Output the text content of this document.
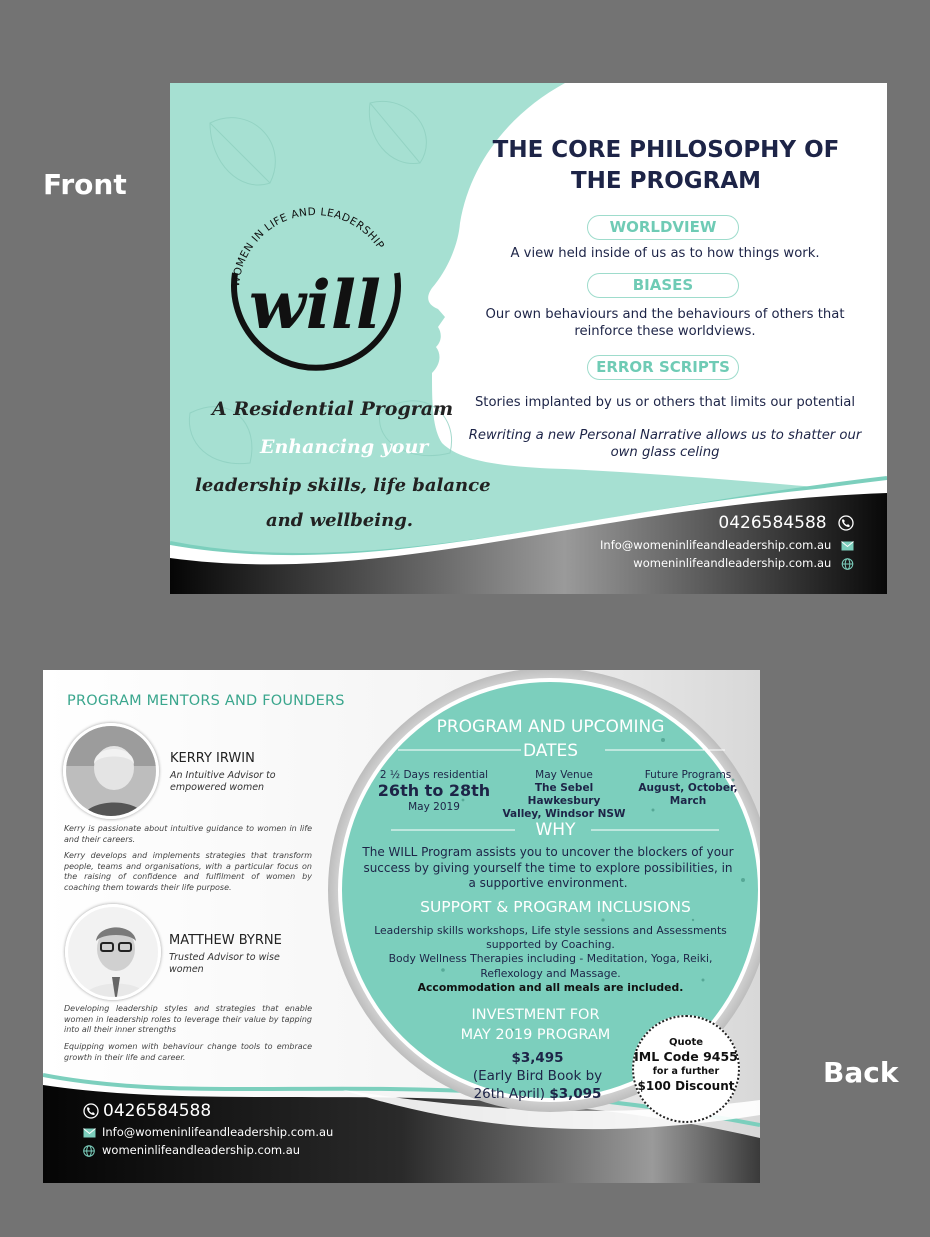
Front
Back
WOMEN IN LIFE AND LEADERSHIP
will
A Residential Program
Enhancing your
leadership skills, life balance
and wellbeing.
THE CORE PHILOSOPHY OF
THE PROGRAM
WORLDVIEW
A view held inside of us as to how things work.
BIASES
Our own behaviours and the behaviours of others that
reinforce these worldviews.
ERROR SCRIPTS
Stories implanted by us or others that limits our potential
Rewriting a new Personal Narrative allows us to shatter our
own glass celing
0426584588
Info@womeninlifeandleadership.com.au
womeninlifeandleadership.com.au
PROGRAM MENTORS AND FOUNDERS
KERRY IRWIN
An Intuitive Advisor to
empowered women
Kerry is passionate about intuitive guidance to women in life and their careers.
Kerry develops and implements strategies that transform people, teams and organisations, with a particular focus on the raising of confidence and fulfilment of women by coaching them towards their life purpose.
MATTHEW BYRNE
Trusted Advisor to wise
women
Developing leadership styles and strategies that enable women in leadership roles to leverage their value by tapping into all their inner strengths
Equipping women with behaviour change tools to embrace growth in their life and career.
PROGRAM AND UPCOMING
DATES
2 ½ Days residential
26th to 28th
May 2019
May Venue
The Sebel Hawkesbury
Valley, Windsor NSW
Future Programs
August, October,
March
WHY
The WILL Program assists you to uncover the blockers of your
success by giving yourself the time to explore possibilities, in
a supportive environment.
SUPPORT & PROGRAM INCLUSIONS
Leadership skills workshops, Life style sessions and Assessments
supported by Coaching.
Body Wellness Therapies including - Meditation, Yoga, Reiki,
Reflexology and Massage.
Accommodation and all meals are included.
INVESTMENT FOR
MAY 2019 PROGRAM
$3,495
(Early Bird Book by
26th April) $3,095
Quote
IML Code 9455
for a further
$100 Discount
0426584588
Info@womeninlifeandleadership.com.au
womeninlifeandleadership.com.au
